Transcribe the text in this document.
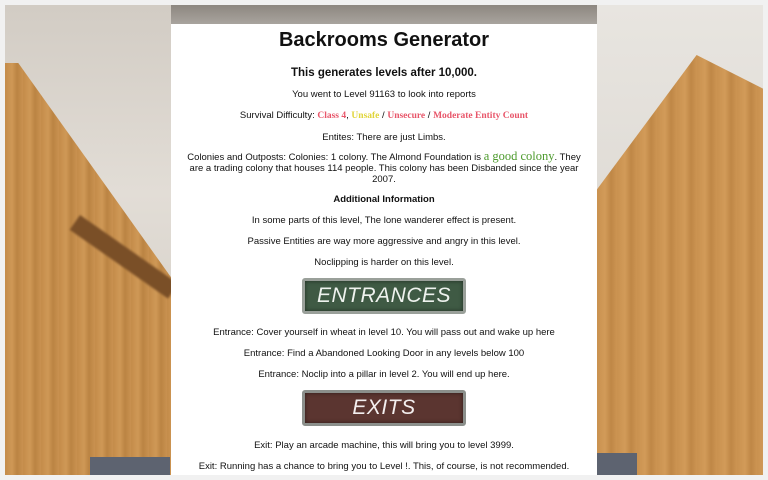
Backrooms Generator
This generates levels after 10,000.

You went to Level 91163 to look into reports

Survival Difficulty: Class 4, Unsafe / Unsecure / Moderate Entity Count

Entites: There are just Limbs.

Colonies and Outposts: Colonies: 1 colony. The Almond Foundation is a good colony. They are a trading colony that houses 114 people. This colony has been Disbanded since the year 2007.

Additional Information

In some parts of this level, The lone wanderer effect is present.

Passive Entities are way more aggressive and angry in this level.

Noclipping is harder on this level.

ENTRANCES

Entrance: Cover yourself in wheat in level 10. You will pass out and wake up here

Entrance: Find a Abandoned Looking Door in any levels below 100

Entrance: Noclip into a pillar in level 2. You will end up here.

EXITS

Exit: Play an arcade machine, this will bring you to level 3999.

Exit: Running has a chance to bring you to Level !. This, of course, is not recommended.
